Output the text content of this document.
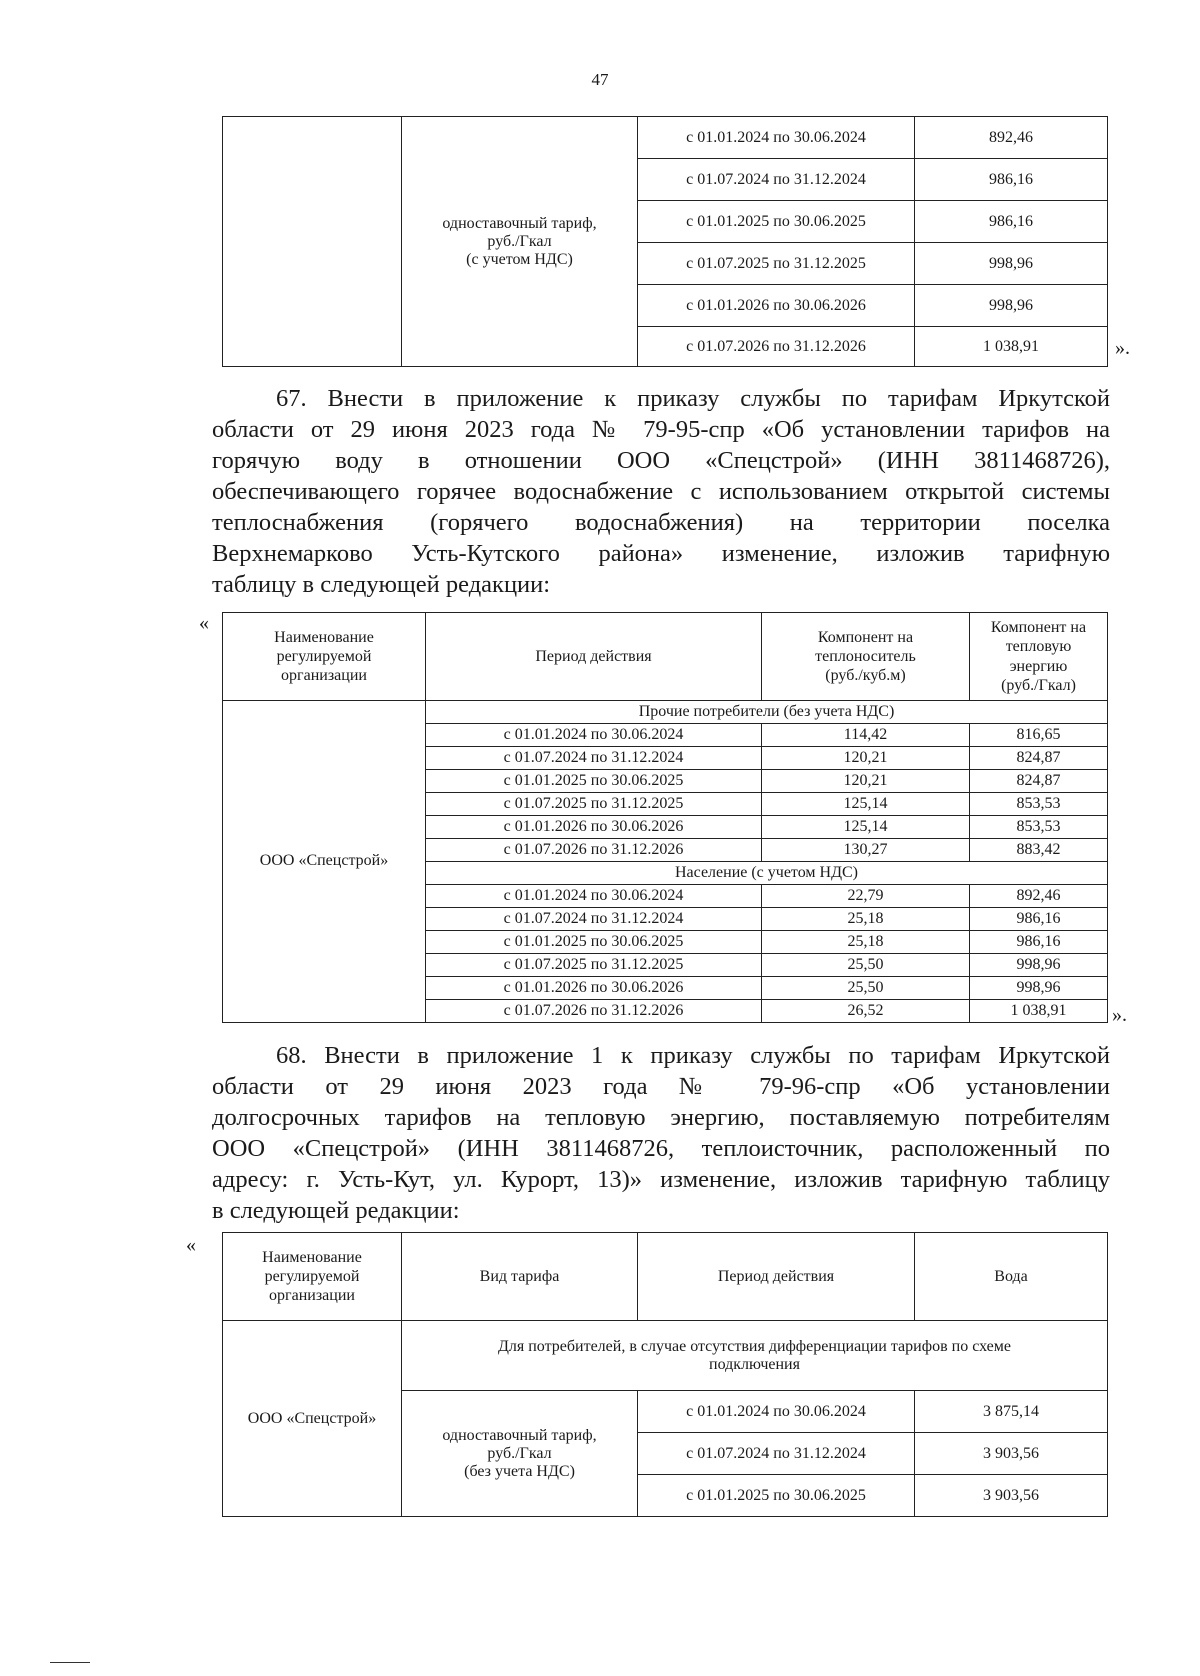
47
	одноставочный тариф,
руб./Гкал
(с учетом НДС)	с 01.01.2024 по 30.06.2024	892,46
		с 01.07.2024 по 31.12.2024	986,16
		с 01.01.2025 по 30.06.2025	986,16
		с 01.07.2025 по 31.12.2025	998,96
		с 01.01.2026 по 30.06.2026	998,96
		с 01.07.2026 по 31.12.2026	1 038,91	».
67. Внести в приложение к приказу службы по тарифам Иркутской
области от 29 июня 2023 года № 79-95-спр «Об установлении тарифов на
горячую воду в отношении ООО «Спецстрой» (ИНН 3811468726),
обеспечивающего горячее водоснабжение с использованием открытой системы
теплоснабжения (горячего водоснабжения) на территории поселка
Верхнемарково Усть-Кутского района» изменение, изложив тарифную
таблицу в следующей редакции:
«
Наименование
регулируемой
организации	Период действия	Компонент на
теплоноситель
(руб./куб.м)	Компонент на
тепловую
энергию
(руб./Гкал)
ООО «Спецстрой»	Прочие потребители (без учета НДС)		
	с 01.01.2024 по 30.06.2024	114,42	816,65
	с 01.07.2024 по 31.12.2024	120,21	824,87
	с 01.01.2025 по 30.06.2025	120,21	824,87
	с 01.07.2025 по 31.12.2025	125,14	853,53
	с 01.01.2026 по 30.06.2026	125,14	853,53
	с 01.07.2026 по 31.12.2026	130,27	883,42
	Население (с учетом НДС)		
	с 01.01.2024 по 30.06.2024	22,79	892,46
	с 01.07.2024 по 31.12.2024	25,18	986,16
	с 01.01.2025 по 30.06.2025	25,18	986,16
	с 01.07.2025 по 31.12.2025	25,50	998,96
	с 01.01.2026 по 30.06.2026	25,50	998,96
	с 01.07.2026 по 31.12.2026	26,52	1 038,91 ».
68. Внести в приложение 1 к приказу службы по тарифам Иркутской
области от 29 июня 2023 года № 79-96-спр «Об установлении
долгосрочных тарифов на тепловую энергию, поставляемую потребителям
ООО «Спецстрой» (ИНН 3811468726, теплоисточник, расположенный по
адресу: г. Усть-Кут, ул. Курорт, 13)» изменение, изложив тарифную таблицу
в следующей редакции:
«
Наименование
регулируемой
организации	Вид тарифа	Период действия	Вода
ООО «Спецстрой»	Для потребителей, в случае отсутствия дифференциации тарифов по схеме
подключения		
	одноставочный тариф,
руб./Гкал
(без учета НДС)	с 01.01.2024 по 30.06.2024	3 875,14
		с 01.07.2024 по 31.12.2024	3 903,56
		с 01.01.2025 по 30.06.2025	3 903,56
